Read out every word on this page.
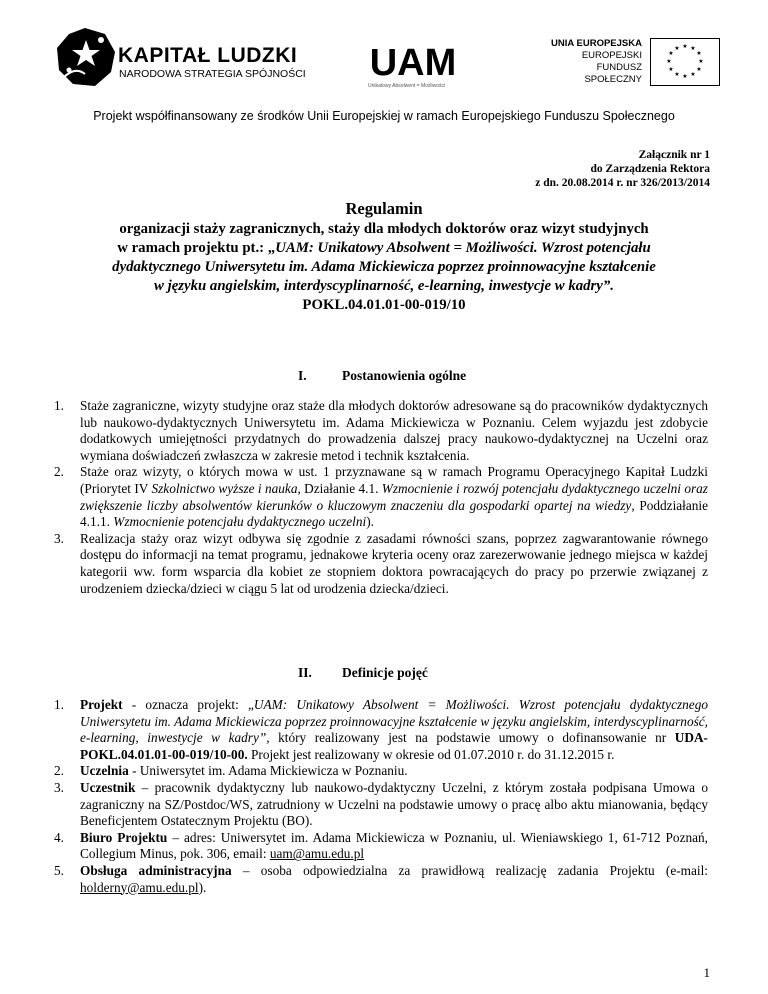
KAPITAŁ LUDZKI
NARODOWA STRATEGIA SPÓJNOŚCI UAM
Unikatowy Absolwent = Możliwości
UNIA EUROPEJSKA
EUROPEJSKI
FUNDUSZ SPOŁECZNY
★ ★
★
★
★
★
★
★
★
★
★
★
Projekt współfinansowany ze środków Unii Europejskiej w ramach Europejskiego Funduszu Społecznego
Załącznik nr 1
do Zarządzenia Rektora
z dn. 20.08.2014 r. nr 326/2013/2014
Regulamin
organizacji staży zagranicznych, staży dla młodych doktorów oraz wizyt studyjnych
w ramach projektu pt.: „UAM: Unikatowy Absolwent = Możliwości. Wzrost potencjału
dydaktycznego Uniwersytetu im. Adama Mickiewicza poprzez proinnowacyjne kształcenie
w języku angielskim, interdyscyplinarność, e-learning, inwestycje w kadry”.
POKL.04.01.01-00-019/10
I.	Postanowienia ogólne
1. Staże zagraniczne, wizyty studyjne oraz staże dla młodych doktorów adresowane są do pracowników dydaktycznych lub naukowo-dydaktycznych Uniwersytetu im. Adama Mickiewicza w Poznaniu. Celem wyjazdu jest zdobycie dodatkowych umiejętności przydatnych do prowadzenia dalszej pracy naukowo-dydaktycznej na Uczelni oraz wymiana doświadczeń zwłaszcza w zakresie metod i technik kształcenia.
2. Staże oraz wizyty, o których mowa w ust. 1 przyznawane są w ramach Programu Operacyjnego Kapitał Ludzki (Priorytet IV Szkolnictwo wyższe i nauka, Działanie 4.1. Wzmocnienie i rozwój potencjału dydaktycznego uczelni oraz zwiększenie liczby absolwentów kierunków o kluczowym znaczeniu dla gospodarki opartej na wiedzy, Poddziałanie 4.1.1. Wzmocnienie potencjału dydaktycznego uczelni).
3. Realizacja staży oraz wizyt odbywa się zgodnie z zasadami równości szans, poprzez zagwarantowanie równego dostępu do informacji na temat programu, jednakowe kryteria oceny oraz zarezerwowanie jednego miejsca w każdej kategorii ww. form wsparcia dla kobiet ze stopniem doktora powracających do pracy po przerwie związanej z urodzeniem dziecka/dzieci w ciągu 5 lat od urodzenia dziecka/dzieci.
II. Definicje pojęć
1. Projekt - oznacza projekt: „UAM: Unikatowy Absolwent = Możliwości. Wzrost potencjału dydaktycznego Uniwersytetu im. Adama Mickiewicza poprzez proinnowacyjne kształcenie w języku angielskim, interdyscyplinarność, e-learning, inwestycje w kadry”, który realizowany jest na podstawie umowy o dofinansowanie nr UDA-POKL.04.01.01-00-019/10-00. Projekt jest realizowany w okresie od 01.07.2010 r. do 31.12.2015 r.
2. Uczelnia - Uniwersytet im. Adama Mickiewicza w Poznaniu.
3. Uczestnik – pracownik dydaktyczny lub naukowo-dydaktyczny Uczelni, z którym została podpisana Umowa o zagraniczny na SZ/Postdoc/WS, zatrudniony w Uczelni na podstawie umowy o pracę albo aktu mianowania, będący Beneficjentem Ostatecznym Projektu (BO).
4. Biuro Projektu – adres: Uniwersytet im. Adama Mickiewicza w Poznaniu, ul. Wieniawskiego 1, 61-712 Poznań, Collegium Minus, pok. 306, email: uam@amu.edu.pl
5. Obsługa administracyjna – osoba odpowiedzialna za prawidłową realizację zadania Projektu (e-mail: holderny@amu.edu.pl).
1
